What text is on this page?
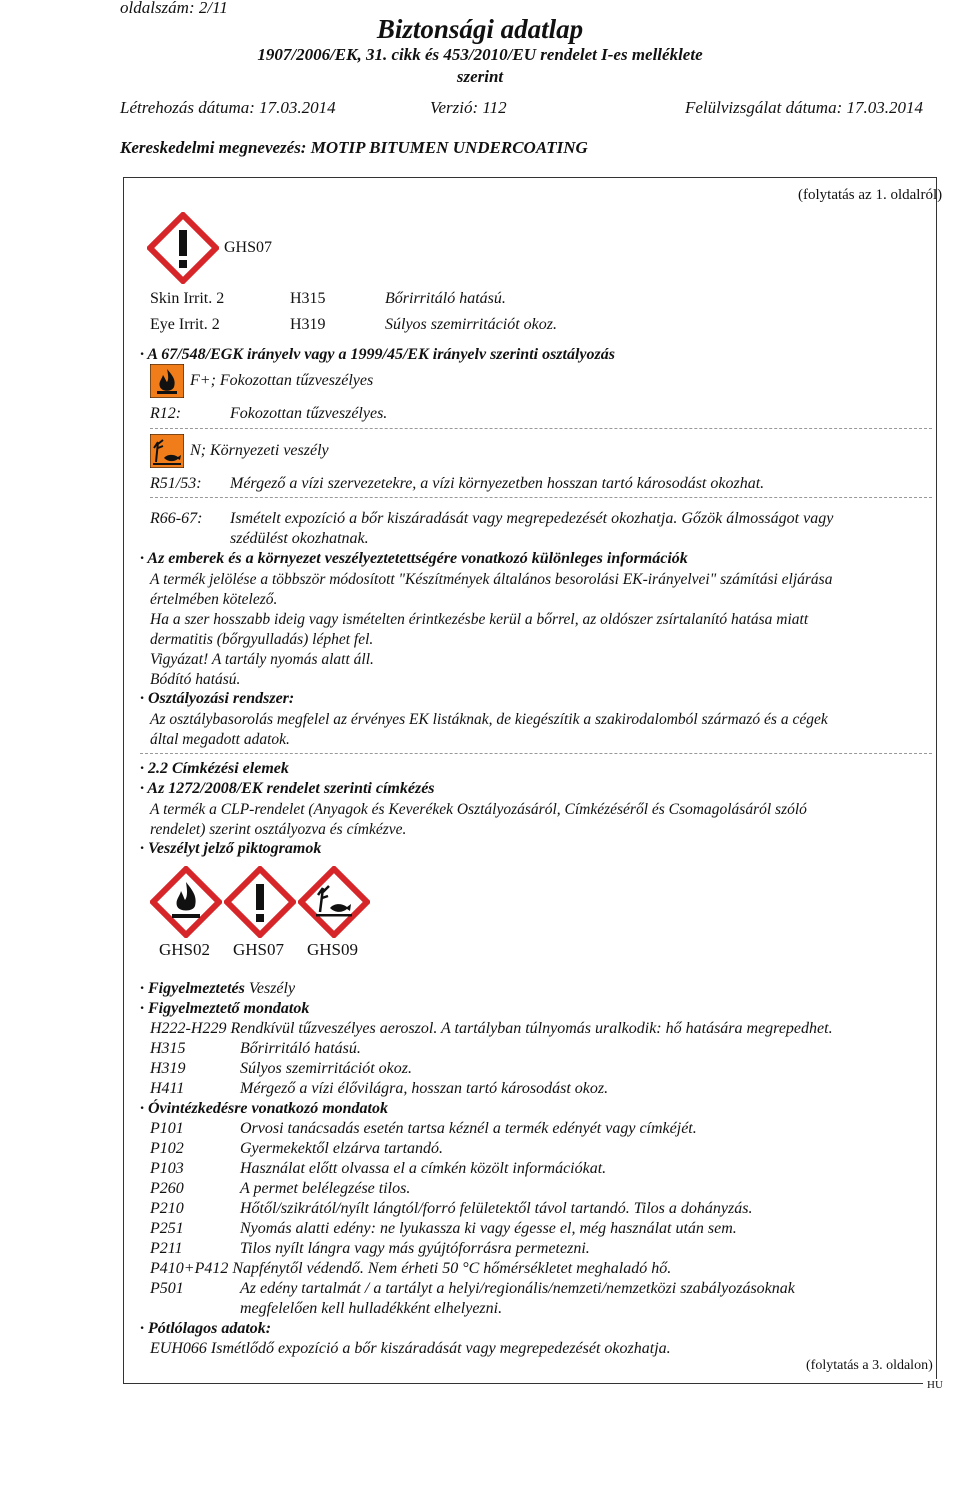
oldalszám: 2/11
Biztonsági adatlap
1907/2006/EK, 31. cikk és 453/2010/EU rendelet I-es melléklete
szerint
Létrehozás dátuma: 17.03.2014	Verzió: 112	Felülvizsgálat dátuma: 17.03.2014
Kereskedelmi megnevezés: MOTIP BITUMEN UNDERCOATING
(folytatás az 1. oldalról)
GHS07
Skin Irrit. 2	H315	Bőrirritáló hatású.
Eye Irrit. 2	H319	Súlyos szemirritációt okoz.
· A 67/548/EGK irányelv vagy a 1999/45/EK irányelv szerinti osztályozás
F+; Fokozottan tűzveszélyes
R12:	Fokozottan tűzveszélyes.
N; Környezeti veszély
R51/53: Mérgező a vízi szervezetekre, a vízi környezetben hosszan tartó károsodást okozhat.
R66-67: Ismételt expozíció a bőr kiszáradását vagy megrepedezését okozhatja. Gőzök álmosságot vagy
szédülést okozhatnak.
· Az emberek és a környezet veszélyeztetettségére vonatkozó különleges információk
A termék jelölése a többször módosított "Készítmények általános besorolási EK-irányelvei" számítási eljárása
értelmében kötelező.
Ha a szer hosszabb ideig vagy ismételten érintkezésbe kerül a bőrrel, az oldószer zsírtalanító hatása miatt
dermatitis (bőrgyulladás) léphet fel.
Vigyázat! A tartály nyomás alatt áll.
Bódító hatású.
· Osztályozási rendszer:
Az osztálybasorolás megfelel az érvényes EK listáknak, de kiegészítik a szakirodalomból származó és a cégek
által megadott adatok.
· 2.2 Címkézési elemek
· Az 1272/2008/EK rendelet szerinti címkézés
A termék a CLP-rendelet (Anyagok és Keverékek Osztályozásáról, Címkézéséről és Csomagolásáról szóló
rendelet) szerint osztályozva és címkézve.
· Veszélyt jelző piktogramok
GHS02 GHS07 GHS09
· Figyelmeztetés Veszély
· Figyelmeztető mondatok
H222-H229 Rendkívül tűzveszélyes aeroszol. A tartályban túlnyomás uralkodik: hő hatására megrepedhet.
H315	Bőrirritáló hatású.
H319	Súlyos szemirritációt okoz.
H411	Mérgező a vízi élővilágra, hosszan tartó károsodást okoz.
· Óvintézkedésre vonatkozó mondatok
P101	Orvosi tanácsadás esetén tartsa kéznél a termék edényét vagy címkéjét.
P102	Gyermekektől elzárva tartandó.
P103	Használat előtt olvassa el a címkén közölt információkat.
P260	A permet belélegzése tilos.
P210	Hőtől/szikrától/nyílt lángtól/forró felületektől távol tartandó. Tilos a dohányzás.
P251	Nyomás alatti edény: ne lyukassza ki vagy égesse el, még használat után sem.
P211	Tilos nyílt lángra vagy más gyújtóforrásra permetezni.
P410+P412 Napfénytől védendő. Nem érheti 50 °C hőmérsékletet meghaladó hő.
P501	Az edény tartalmát / a tartályt a helyi/regionális/nemzeti/nemzetközi szabályozásoknak
megfelelően kell hulladékként elhelyezni.
· Pótlólagos adatok:
EUH066 Ismétlődő expozíció a bőr kiszáradását vagy megrepedezését okozhatja.
(folytatás a 3. oldalon)
HU
